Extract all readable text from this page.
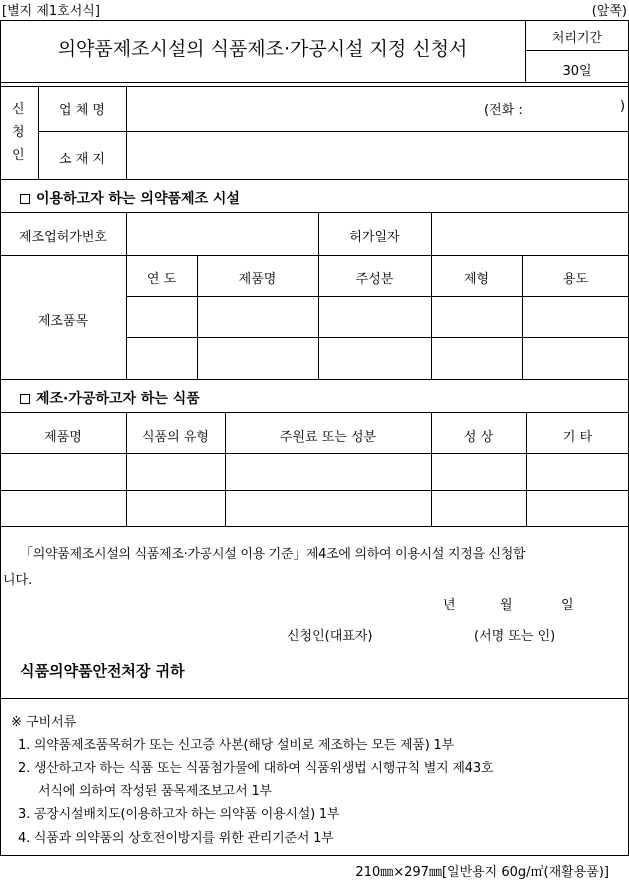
[별지 제1호서식]	(앞쪽)
의약품제조시설의 식품제조·가공시설 지정 신청서	처리기간
30일
신 청 인
업 체 명	(전화 :	)
소 재 지
이용하고자 하는 의약품제조 시설
제조업허가번호	허가일자
제조품목
연 도	제품명	주성분	제형	용도
제조·가공하고자 하는 식품
제품명	식품의 유형	주원료 또는 성분	성 상	기 타
「의약품제조시설의 식품제조·가공시설 이용 기준」제4조에 의하여 이용시설 지정을 신청합
니다.
년	월	일
신청인(대표자)	(서명 또는 인)
식품의약품안전처장 귀하
※ 구비서류
1. 의약품제조품목허가 또는 신고증 사본(해당 설비로 제조하는 모든 제품) 1부
2. 생산하고자 하는 식품 또는 식품첨가물에 대하여 식품위생법 시행규칙 별지 제43호
서식에 의하여 작성된 품목제조보고서 1부
3. 공장시설배치도(이용하고자 하는 의약품 이용시설) 1부
4. 식품과 의약품의 상호전이방지를 위한 관리기준서 1부
210㎜×297㎜[일반용지 60g/㎡(재활용품)]
